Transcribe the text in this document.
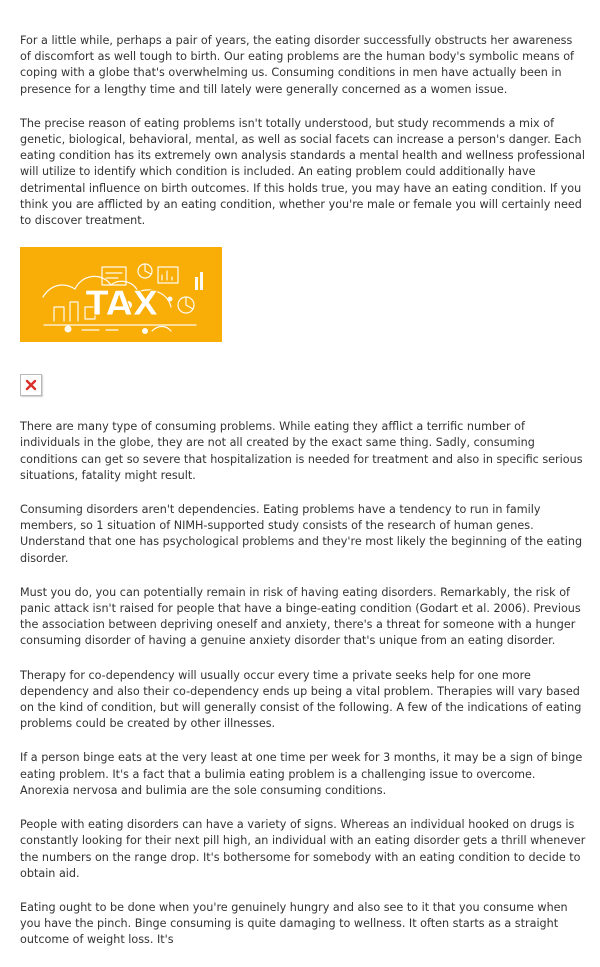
For a little while, perhaps a pair of years, the eating disorder successfully obstructs her awareness of discomfort as well tough to birth. Our eating problems are the human body's symbolic means of coping with a globe that's overwhelming us. Consuming conditions in men have actually been in presence for a lengthy time and till lately were generally concerned as a women issue.

The precise reason of eating problems isn't totally understood, but study recommends a mix of genetic, biological, behavioral, mental, as well as social facets can increase a person's danger. Each eating condition has its extremely own analysis standards a mental health and wellness professional will utilize to identify which condition is included. An eating problem could additionally have detrimental influence on birth outcomes. If this holds true, you may have an eating condition. If you think you are afflicted by an eating condition, whether you're male or female you will certainly need to discover treatment.

TAX

There are many type of consuming problems. While eating they afflict a terrific number of individuals in the globe, they are not all created by the exact same thing. Sadly, consuming conditions can get so severe that hospitalization is needed for treatment and also in specific serious situations, fatality might result.

Consuming disorders aren't dependencies. Eating problems have a tendency to run in family members, so 1 situation of NIMH-supported study consists of the research of human genes. Understand that one has psychological problems and they're most likely the beginning of the eating disorder.

Must you do, you can potentially remain in risk of having eating disorders. Remarkably, the risk of panic attack isn't raised for people that have a binge-eating condition (Godart et al. 2006). Previous the association between depriving oneself and anxiety, there's a threat for someone with a hunger consuming disorder of having a genuine anxiety disorder that's unique from an eating disorder.

Therapy for co-dependency will usually occur every time a private seeks help for one more dependency and also their co-dependency ends up being a vital problem. Therapies will vary based on the kind of condition, but will generally consist of the following. A few of the indications of eating problems could be created by other illnesses.

If a person binge eats at the very least at one time per week for 3 months, it may be a sign of binge eating problem. It's a fact that a bulimia eating problem is a challenging issue to overcome. Anorexia nervosa and bulimia are the sole consuming conditions.

People with eating disorders can have a variety of signs. Whereas an individual hooked on drugs is constantly looking for their next pill high, an individual with an eating disorder gets a thrill whenever the numbers on the range drop. It's bothersome for somebody with an eating condition to decide to obtain aid.

Eating ought to be done when you're genuinely hungry and also see to it that you consume when you have the pinch. Binge consuming is quite damaging to wellness. It often starts as a straight outcome of weight loss. It's
